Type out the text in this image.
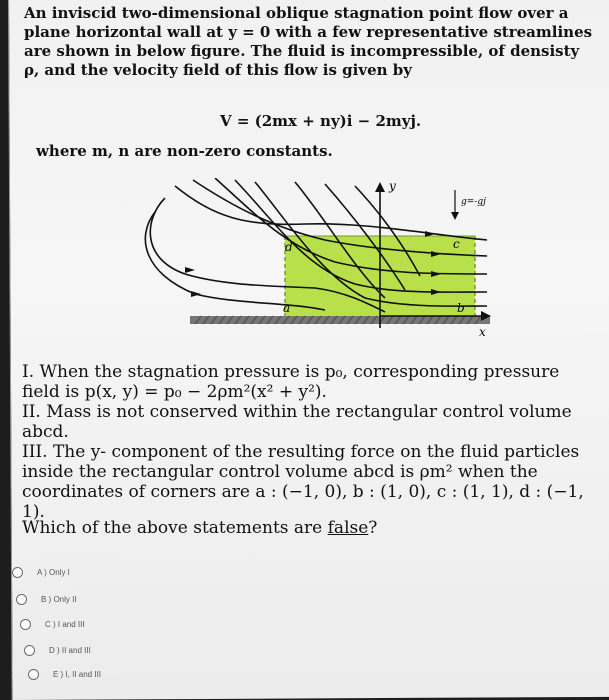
An inviscid two-dimensional oblique stagnation point flow over a plane horizontal wall at y = 0 with a few representative streamlines are shown in below figure. The fluid is incompressible, of densisty ρ, and the velocity field of this flow is given by

V = (2mx + ny)i − 2myj.
where m, n are non-zero constants.
y
x
d	c
a	b
g=-gj

I. When the stagnation pressure is p₀, corresponding pressure field is p(x, y) = p₀ − 2ρm²(x² + y²).

II. Mass is not conserved within the rectangular control volume abcd.

III. The y- component of the resulting force on the fluid particles inside the rectangular control volume abcd is ρm² when the coordinates of corners are a : (−1, 0), b : (1, 0), c : (1, 1), d : (−1, 1).

Which of the above statements are false?
A ) Only I
B ) Only II
C ) I and III
D ) II and III
E ) I, II and III
